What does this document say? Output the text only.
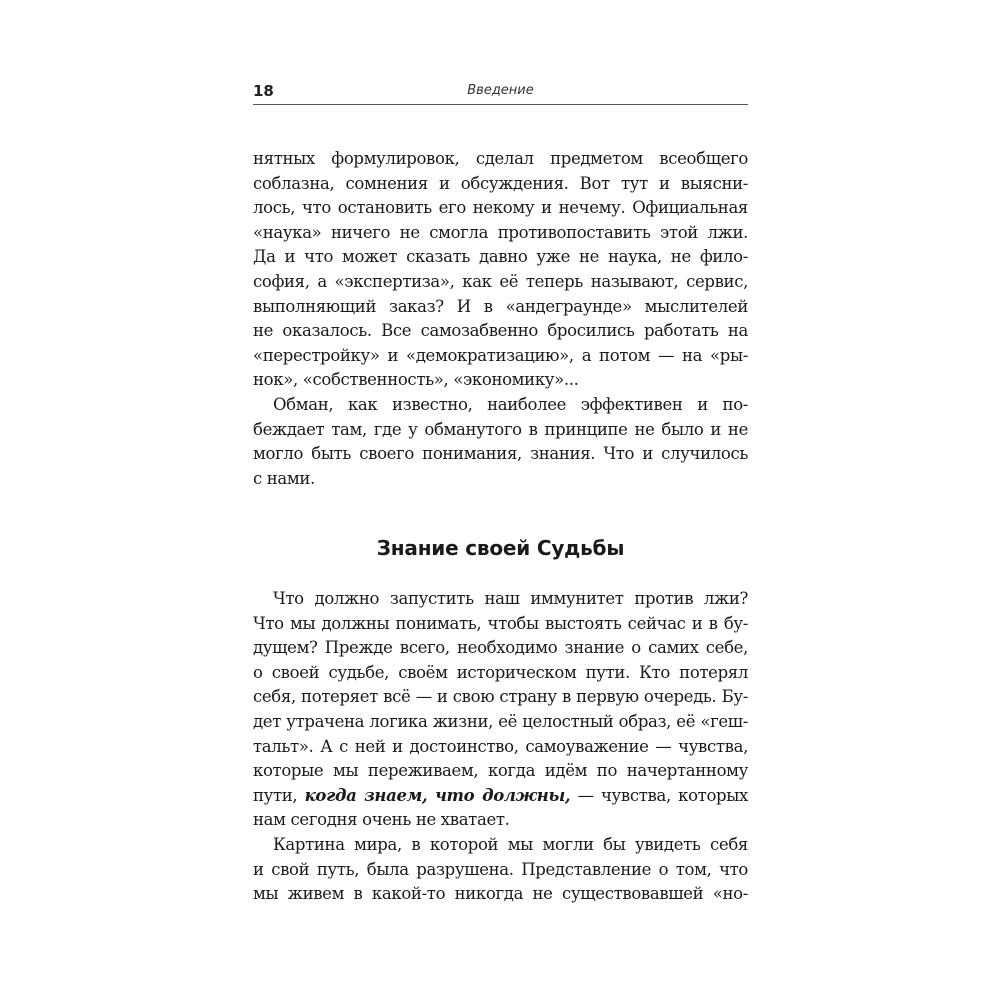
18	Введение
нятных формулировок, сделал предметом всеобщего
соблазна, сомнения и обсуждения. Вот тут и выясни-
лось, что остановить его некому и нечему. Официальная
«наука» ничего не смогла противопоставить этой лжи.
Да и что может сказать давно уже не наука, не фило-
софия, а «экспертиза», как её теперь называют, сервис,
выполняющий заказ? И в «андеграунде» мыслителей
не оказалось. Все самозабвенно бросились работать на
«перестройку» и «демократизацию», а потом — на «ры-
нок», «собственность», «экономику»...
Обман, как известно, наиболее эффективен и по-
беждает там, где у обманутого в принципе не было и не
могло быть своего понимания, знания. Что и случилось
с нами.
Знание своей Судьбы
Что должно запустить наш иммунитет против лжи?
Что мы должны понимать, чтобы выстоять сейчас и в бу-
дущем? Прежде всего, необходимо знание о самих себе,
о своей судьбе, своём историческом пути. Кто потерял
себя, потеряет всё — и свою страну в первую очередь. Бу-
дет утрачена логика жизни, её целостный образ, её «геш-
тальт». А с ней и достоинство, самоуважение — чувства,
которые мы переживаем, когда идём по начертанному
пути, когда знаем, что должны, — чувства, которых
нам сегодня очень не хватает.
Картина мира, в которой мы могли бы увидеть себя
и свой путь, была разрушена. Представление о том, что
мы живем в какой-то никогда не существовавшей «но-
